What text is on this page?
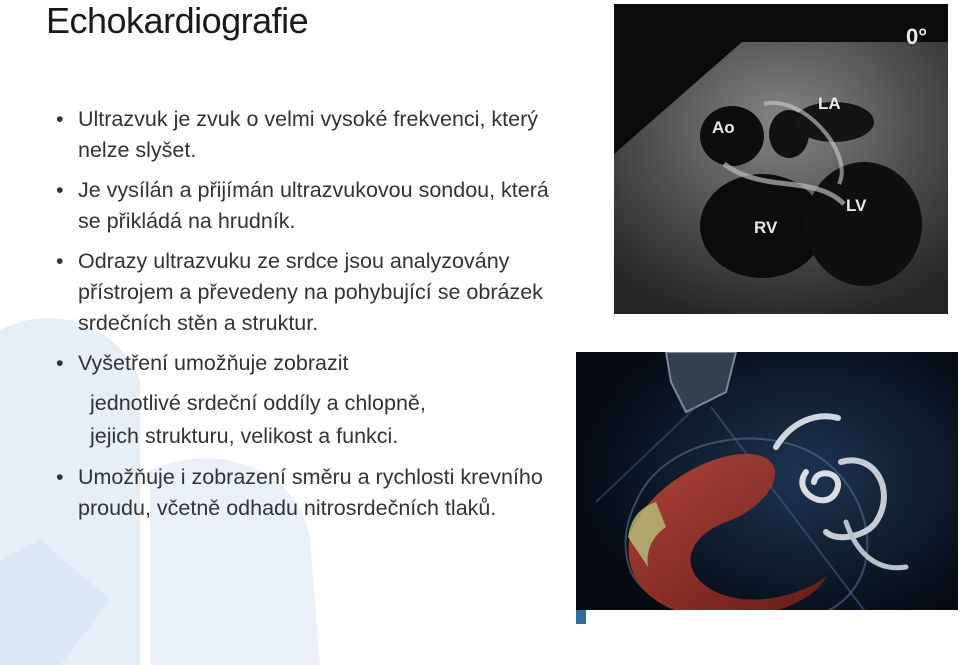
Echokardiografie
• Ultrazvuk je zvuk o velmi vysoké frekvenci, který nelze slyšet.
• Je vysílán a přijímán ultrazvukovou sondou, která se přikládá na hrudník.
• Odrazy ultrazvuku ze srdce jsou analyzovány přístrojem a převedeny na pohybující se obrázek srdečních stěn a struktur.
• Vyšetření umožňuje zobrazit
jednotlivé srdeční oddíly a chlopně,
jejich strukturu, velikost a funkci.
• Umožňuje i zobrazení směru a rychlosti krevního proudu, včetně odhadu nitrosrdečních tlaků.
0°
Ao
LA
RV
LV
